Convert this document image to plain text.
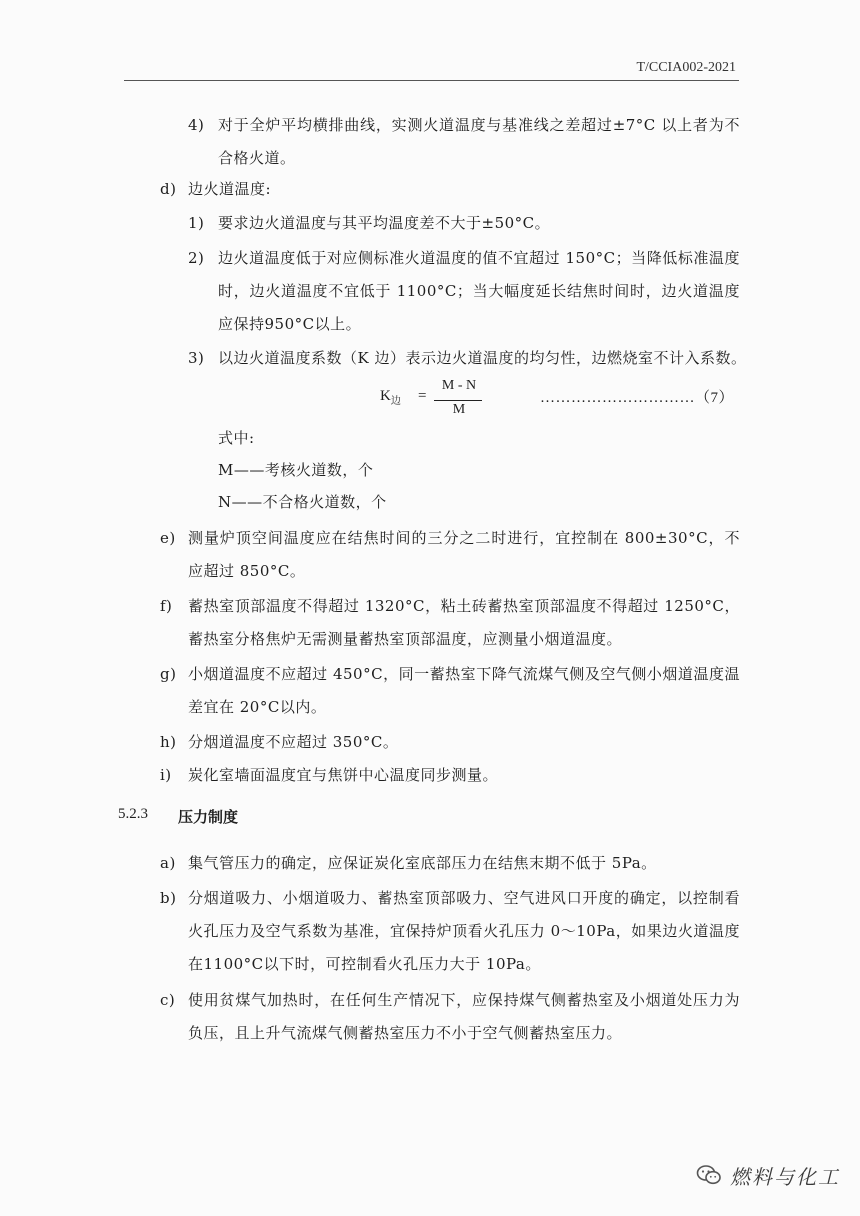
T/CCIA002-2021
4) 对于全炉平均横排曲线，实测火道温度与基准线之差超过±7°C 以上者为不合格火道。
d) 边火道温度:
1) 要求边火道温度与其平均温度差不大于±50°C。
2) 边火道温度低于对应侧标准火道温度的值不宜超过 150°C；当降低标准温度时，边火道温度不宜低于 1100°C；当大幅度延长结焦时间时，边火道温度应保持950°C以上。
3) 以边火道温度系数（K 边）表示边火道温度的均匀性，边燃烧室不计入系数。
$K_边$ =
M - N
M
…………………………（7）
式中:
M——考核火道数，个
N——不合格火道数，个
e) 测量炉顶空间温度应在结焦时间的三分之二时进行，宜控制在 800±30°C，不应超过 850°C。
f) 蓄热室顶部温度不得超过 1320°C，粘土砖蓄热室顶部温度不得超过 1250°C，蓄热室分格焦炉无需测量蓄热室顶部温度，应测量小烟道温度。
g) 小烟道温度不应超过 450°C，同一蓄热室下降气流煤气侧及空气侧小烟道温度温差宜在 20°C以内。
h) 分烟道温度不应超过 350°C。
i) 炭化室墙面温度宜与焦饼中心温度同步测量。
5.2.3 压力制度
a) 集气管压力的确定，应保证炭化室底部压力在结焦末期不低于 5Pa。
b) 分烟道吸力、小烟道吸力、蓄热室顶部吸力、空气进风口开度的确定，以控制看火孔压力及空气系数为基准，宜保持炉顶看火孔压力 0～10Pa，如果边火道温度在1100°C以下时，可控制看火孔压力大于 10Pa。
c) 使用贫煤气加热时，在任何生产情况下，应保持煤气侧蓄热室及小烟道处压力为负压，且上升气流煤气侧蓄热室压力不小于空气侧蓄热室压力。
燃料与化工
